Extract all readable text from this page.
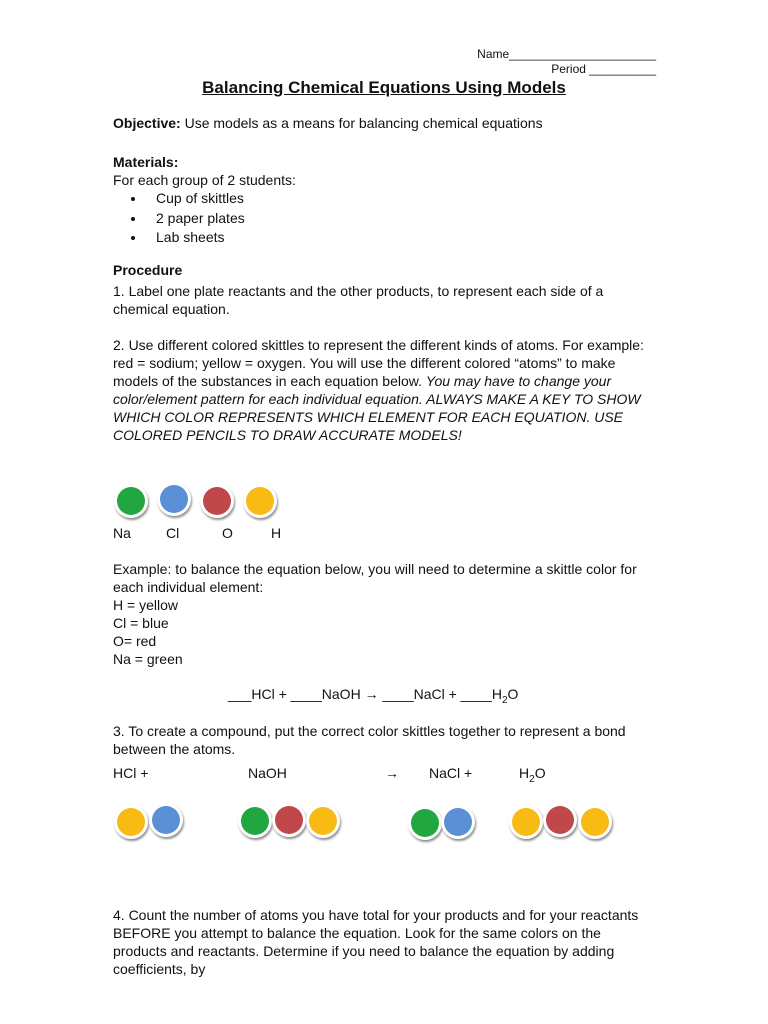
Name______________________
Period __________
Balancing Chemical Equations Using Models
Objective: Use models as a means for balancing chemical equations
Materials:
For each group of 2 students:
• Cup of skittles
• 2 paper plates
• Lab sheets
Procedure
1. Label one plate reactants and the other products, to represent each side of a chemical equation.
2. Use different colored skittles to represent the different kinds of atoms. For example: red = sodium; yellow = oxygen. You will use the different colored “atoms” to make models of the substances in each equation below. You may have to change your color/element pattern for each individual equation. ALWAYS MAKE A KEY TO SHOW WHICH COLOR REPRESENTS WHICH ELEMENT FOR EACH EQUATION. USE COLORED PENCILS TO DRAW ACCURATE MODELS!
Na	Cl	O	H
Example: to balance the equation below, you will need to determine a skittle color for each individual element:
H = yellow
Cl = blue
O= red
Na = green
___HCl + ____NaOH → ____NaCl + $\_\_\_\_H_2O$
3. To create a compound, put the correct color skittles together to represent a bond between the atoms.
HCl +	NaOH	→ NaCl +	$H_2O$
4. Count the number of atoms you have total for your products and for your reactants BEFORE you attempt to balance the equation. Look for the same colors on the products and reactants. Determine if you need to balance the equation by adding coefficients, by
